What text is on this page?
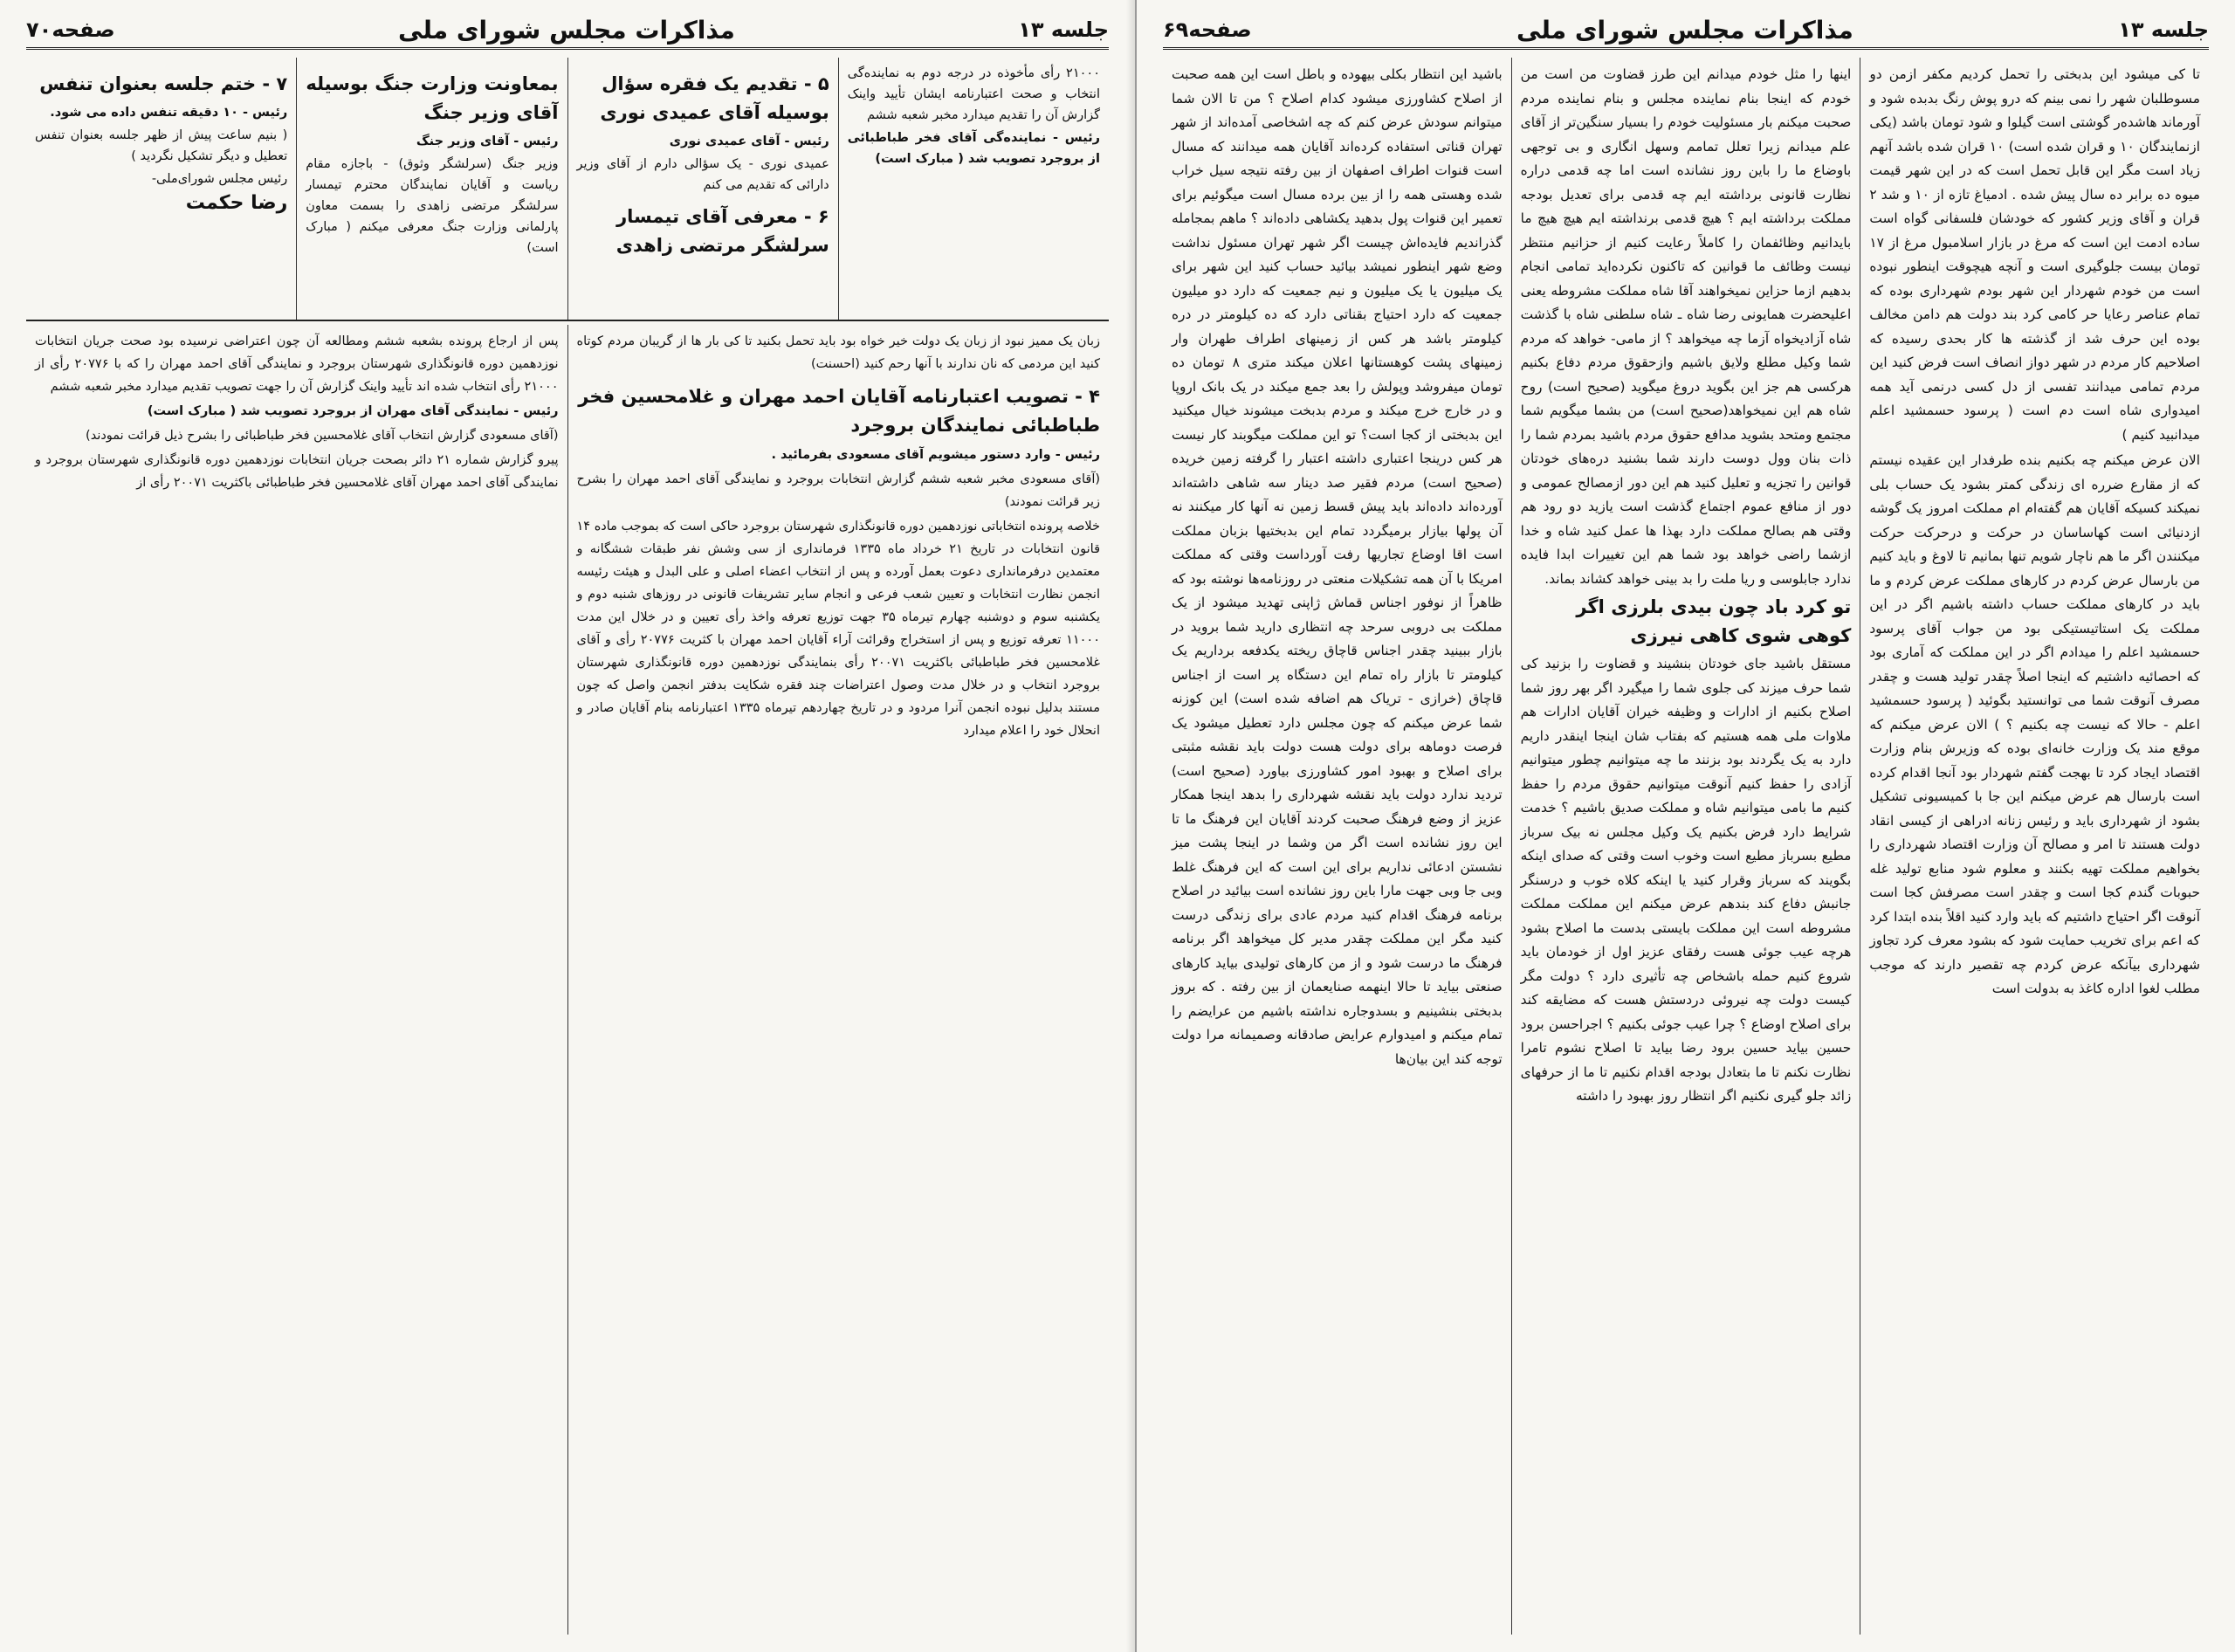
صفحه۷۰	مذاکرات مجلس شورای ملی	جلسه ۱۳

۲۱۰۰۰ رأی مأخوذه در درجه دوم به نماینده‌گی انتخاب و صحت اعتبارنامه ایشان تأیید واینک گزارش آن را تقدیم میدارد مخبر شعبه ششم

رئیس - نماینده‌گی آقای فخر طباطبائی از بروجرد تصویب شد ( مبارک است)

۵ - تقدیم یک فقره سؤال بوسیله آقای عمیدی نوری

رئیس - آقای عمیدی نوری

عمیدی نوری - یک سؤالی دارم از آقای وزیر دارائی که تقدیم می کنم

۶ - معرفی آقای تیمسار سرلشگر مرتضی زاهدی
بمعاونت وزارت جنگ بوسیله آقای وزیر جنگ

رئیس - آقای وزیر جنگ

وزیر جنگ (سرلشگر وثوق) - باجازه مقام ریاست و آقایان نمایندگان محترم تیمسار سرلشگر مرتضی زاهدی را بسمت معاون پارلمانی وزارت جنگ معرفی میکنم ( مبارک است)

۷ - ختم جلسه بعنوان تنفس

رئیس - ۱۰ دقیقه تنفس داده می شود.

( بنیم ساعت پیش از ظهر جلسه بعنوان تنفس تعطیل و دیگر تشکیل نگردید )

رئیس مجلس شورای‌ملی-

رضا حکمت

زبان یک ممیز نبود از زبان یک دولت خیر خواه بود باید تحمل بکنید تا کی بار ها از گریبان مردم کوتاه کنید این مردمی که نان ندارند با آنها رحم کنید (احسنت)

۴ - تصویب اعتبارنامه آقایان احمد مهران و غلامحسین فخر طباطبائی نمایندگان بروجرد

رئیس - وارد دستور میشویم آقای مسعودی بفرمائید .

(آقای مسعودی مخبر شعبه ششم گزارش انتخابات بروجرد و نمایندگی آقای احمد مهران را بشرح زیر قرائت نمودند)

خلاصه پرونده انتخاباتی نوزدهمین دوره قانونگذاری شهرستان بروجرد حاکی است که بموجب ماده ۱۴ قانون انتخابات در تاریخ ۲۱ خرداد ماه ۱۳۳۵ فرمانداری از سی وشش نفر طبقات ششگانه و معتمدین درفرمانداری دعوت بعمل آورده و پس از انتخاب اعضاء اصلی و علی البدل و هیئت رئیسه انجمن نظارت انتخابات و تعیین شعب فرعی و انجام سایر تشریفات قانونی در روزهای شنبه دوم و یکشنبه سوم و دوشنبه چهارم تیرماه ۳۵ جهت توزیع تعرفه واخذ رأی تعیین و در خلال این مدت ۱۱۰۰۰ تعرفه توزیع و پس از استخراج وقرائت آراء آقایان احمد مهران با کثریت ۲۰۷۷۶ رأی و آقای غلامحسین فخر طباطبائی باکثریت ۲۰۰۷۱ رأی بنمایندگی نوزدهمین دوره قانونگذاری شهرستان بروجرد انتخاب و در خلال مدت وصول اعتراضات چند فقره شکایت بدفتر انجمن واصل که چون مستند بدلیل نبوده انجمن آنرا مردود و در تاریخ چهاردهم تیرماه ۱۳۳۵ اعتبارنامه بنام آقایان صادر و انحلال خود را اعلام میدارد

پس از ارجاع پرونده بشعبه ششم ومطالعه آن چون اعتراضی نرسیده بود صحت جریان انتخابات نوزدهمین دوره قانونگذاری شهرستان بروجرد و نمایندگی آقای احمد مهران را که با ۲۰۷۷۶ رأی از ۲۱۰۰۰ رأی انتخاب شده اند تأیید واینک گزارش آن را جهت تصویب تقدیم میدارد مخبر شعبه ششم

رئیس - نمایندگی آقای مهران از بروجرد تصویب شد ( مبارک است)

(آقای مسعودی گزارش انتخاب آقای غلامحسین فخر طباطبائی را بشرح ذیل قرائت نمودند)

پیرو گزارش شماره ۲۱ دائر بصحت جریان انتخابات نوزدهمین دوره قانونگذاری شهرستان بروجرد و نمایندگی آقای احمد مهران آقای غلامحسین فخر طباطبائی باکثریت ۲۰۰۷۱ رأی از

صفحه۶۹	مذاکرات مجلس شورای ملی	جلسه ۱۳

تا کی میشود این بدبختی را تحمل کردیم مکفر ازمن دو مسوطلبان شهر را نمی بینم که درو پوش رنگ بدبده شود و آورماند هاشده‌ر گوشتی است گیلوا و شود تومان باشد (یکی ازنمایندگان ۱۰ و قران شده است) ۱۰ قران شده باشد آنهم زیاد است مگر این قابل تحمل است که در این شهر قیمت میوه ده برابر ده سال پیش شده . ادمیاغ تازه از ۱۰ و شد ۲ قران و آقای وزیر کشور که خودشان فلسفانی گواه است ساده ادمت این است که مرغ در بازار اسلامبول مرغ از ۱۷ تومان بیست جلوگیری است و آنچه هیچوقت اینطور نبوده است من خودم شهردار این شهر بودم شهرداری بوده که تمام عناصر رعایا حر کامی کرد بند دولت هم دامن مخالف بوده این حرف شد از گذشته ها کار بحدی رسیده که اصلاحیم کار مردم در شهر دواز انصاف است فرض کنید این مردم تمامی میدانند تفسی از دل کسی درنمی آید همه امیدواری شاه است دم است ( پرسود حسمشید اعلم میدانبید کنیم )

الان عرض میکنم چه بکنیم بنده طرفدار این عقیده نیستم که از مقارع ضرره ای زندگی کمتر بشود یک حساب بلی نمیکند کسیکه آقایان هم گفته‌ام ام مملکت امروز یک گوشه ازدنیائی است کهاساسان در حرکت و درحرکت حرکت میکنندن اگر ما هم ناچار شویم تنها بمانیم تا لاوغ و باید کنیم من بارسال عرض کردم در کارهای مملکت عرض کردم و ما باید در کارهای مملکت حساب داشته باشیم اگر در این مملکت یک استاتیستیکی بود من جواب آقای پرسود حسمشید اعلم را میدادم اگر در این مملکت که آماری بود که احصائیه داشتیم که اینجا اصلاً چقدر تولید هست و چقدر مصرف آنوقت شما می توانستید بگوئید ( پرسود حسمشید اعلم - حالا که نیست چه بکنیم ؟ ) الان عرض میکنم که موقع مند یک وزارت خانه‌ای بوده که وزیرش بنام وزارت اقتصاد ایجاد کرد تا بهجت گفتم شهردار بود آنجا اقدام کرده است بارسال هم عرض میکنم این جا با کمیسیونی تشکیل بشود از شهرداری باید و رئیس زنانه ادراهی از کیسی انقاد دولت هستند تا امر و مصالح آن وزارت اقتصاد شهرداری را بخواهیم مملکت تهیه بکنند و معلوم شود منابع تولید غله حبوبات گندم کجا است و چقدر است مصرفش کجا است آنوقت اگر احتیاج داشتیم که باید وارد کنید اقلاً بنده ابتدا کرد که اعم برای تخریب حمایت شود که بشود معرف کرد تجاوز شهرداری بیآنکه عرض کردم چه تقصیر دارند که موجب مطلب لغوا اداره کاغذ به بدولت است

اینها را مثل خودم میدانم این طرز قضاوت من است من خودم که اینجا بنام نماینده مجلس و بنام نماینده مردم صحبت میکنم بار مسئولیت خودم را بسیار سنگین‌تر از آقای علم میدانم زیرا تعلل تمامم وسهل انگاری و بی توجهی باوضاع ما را باین روز نشانده است اما چه قدمی دراره نظارت قانونی برداشته ایم چه قدمی برای تعدیل بودجه مملکت برداشته ایم ؟ هیچ قدمی برنداشته ایم هیچ هیچ ما بایدانیم وظائفمان را کاملاً رعایت کنیم از حزانیم منتظر نیست وظائف ما قوانین که تاکنون نکرده‌اید تمامی انجام بدهیم ازما حزاین نمیخواهند آقا شاه مملکت مشروطه یعنی اعلیحضرت همایونی رضا شاه ـ شاه سلطنی شاه با گذشت شاه آزادیخواه آزما چه میخواهد ؟ از مامی- خواهد که مردم شما وکیل مطلع ولایق باشیم وازحقوق مردم دفاع بکنیم هرکسی هم جز این بگوید دروغ میگوید (صحیح است) روح شاه هم این نمیخواهد(صحیح است) من بشما میگویم شما مجتمع ومتحد بشوید مدافع حقوق مردم باشید بمردم شما را ذات بنان وول دوست دارند شما بشنید دره‌های خودتان قوانین را تجزیه و تعلیل کنید هم این دور ازمصالح عمومی و دور از منافع عموم اجتماع گذشت است یازید دو رود هم وقتی هم بصالح مملکت دارد بهذا ها عمل کنید شاه و خدا ازشما راضی خواهد بود شما هم این تغییرات ابدا فایده ندارد جابلوسی و ریا ملت را بد بینی خواهد کشاند بماند.

تو کرد باد چون بیدی بلرزی اگر کوهی شوی کاهی نیرزی

مستقل باشید جای خودتان بنشیند و قضاوت را بزنید کی شما حرف میزند کی جلوی شما را میگیرد اگر بهر روز شما اصلاح بکنیم از ادارات و وظیفه خیران آقایان ادارات هم ملاوات ملی همه هستیم که بفتاب شان اینجا اینقدر داریم دارد به یک یگردند بود بزنند ما چه میتوانیم چطور میتوانیم آزادی را حفظ کنیم آنوقت میتوانیم حقوق مردم را حفظ کنیم ما بامی میتوانیم شاه و مملکت صدیق باشیم ؟ خدمت شرایط دارد فرض بکنیم یک وکیل مجلس نه بیک سرباز مطیع بسرباز مطیع است وخوب است وقتی که صدای اینکه بگویند که سرباز وقرار کنید یا اینکه کلاه خوب و درسنگر جانبش دفاع کند بندهم عرض میکنم این مملکت مملکت مشروطه است این مملکت بایستی بدست ما اصلاح بشود هرچه عیب جوئی هست رفقای عزیز اول از خودمان باید شروع کنیم حمله باشخاص چه تأثیری دارد ؟ دولت مگر کیست دولت چه نیروئی دردستش هست که مضایقه کند برای اصلاح اوضاع ؟ چرا عیب جوئی بکنیم ؟ اجراحسن برود حسین بیاید حسین برود رضا بیاید تا اصلاح نشوم تامرا نظارت نکنم تا ما بتعادل بودجه اقدام نکنیم تا ما از حرفهای زائد جلو گیری نکنیم اگر انتظار روز بهبود را داشته

باشید این انتظار بکلی بیهوده و باطل است این همه صحبت از اصلاح کشاورزی میشود کدام اصلاح ؟ من تا الان شما میتوانم سودش عرض کنم که چه اشخاصی آمده‌اند از شهر تهران قناتی استفاده کرده‌اند آقایان همه میدانند که مسال است قنوات اطراف اصفهان از بین رفته نتیجه سیل خراب شده وهستی همه را از بین برده مسال است میگوئیم برای تعمیر این قنوات پول بدهید یکشاهی داده‌اند ؟ ماهم بمجامله گذراندیم فایده‌اش چیست اگر شهر تهران مسئول نداشت وضع شهر اینطور نمیشد بیائید حساب کنید این شهر برای یک میلیون یا یک میلیون و نیم جمعیت که دارد دو میلیون جمعیت که دارد احتیاج بقناتی دارد که ده کیلومتر در دره کیلومتر باشد هر کس از زمینهای اطراف طهران وار زمینهای پشت کوهستانها اعلان میکند متری ۸ تومان ده تومان میفروشد وپولش را بعد جمع میکند در یک بانک اروپا و در خارج خرج میکند و مردم بدبخت میشوند خیال میکنید این بدبختی از کجا است؟ تو این مملکت میگوبند کار نیست هر کس درینجا اعتباری داشته اعتبار را گرفته زمین خریده (صحیح است) مردم فقیر صد دینار سه شاهی داشته‌اند آورده‌اند داده‌اند باید پیش قسط زمین نه آنها کار میکنند نه آن پولها بیازار برمیگردد تمام این بدبختیها بزبان مملکت است اقا اوضاع تجاریها رفت آورداست وقتی که مملکت امریکا با آن همه تشکیلات منعتی در روزنامه‌ها نوشته بود که ظاهراً از نوفور اجناس قماش ژاپنی تهدید میشود از یک مملکت بی دروبی سرحد چه انتظاری دارید شما برويد در بازار ببینید چقدر اجناس قاچاق ریخته یکدفعه برداریم یک کیلومتر تا بازار راه تمام این دستگاه پر است از اجناس قاچاق (خرازی - تریاک هم اضافه شده است) این کوزنه شما عرض میکنم که چون مجلس دارد تعطیل میشود یک فرصت دوماهه برای دولت هست دولت باید نقشه مثبتی برای اصلاح و بهبود امور کشاورزی بیاورد (صحیح است) تردید ندارد دولت باید نقشه شهرداری را بدهد اینجا همکار عزیز از وضع فرهنگ صحبت کردند آقایان این فرهنگ ما تا این روز نشانده است اگر من وشما در اینجا پشت میز نشستن ادعائی نداریم برای این است که این فرهنگ غلط وبی جا وبی جهت مارا باین روز نشانده است بیائید در اصلاح برنامه فرهنگ اقدام کنید مردم عادی برای زندگی درست کنید مگر این مملکت چقدر مدیر کل میخواهد اگر برنامه فرهنگ ما درست شود و از من کارهای تولیدی بیاید کارهای صنعتی بیاید تا حالا اینهمه صنایعمان از بین رفته . که بروز بدبختی بنشینیم و بسدوجاره نداشته باشیم من عرایضم را تمام میکنم و امیدوارم عرایض صادقانه وصمیمانه مرا دولت توجه کند این بیان‌ها
